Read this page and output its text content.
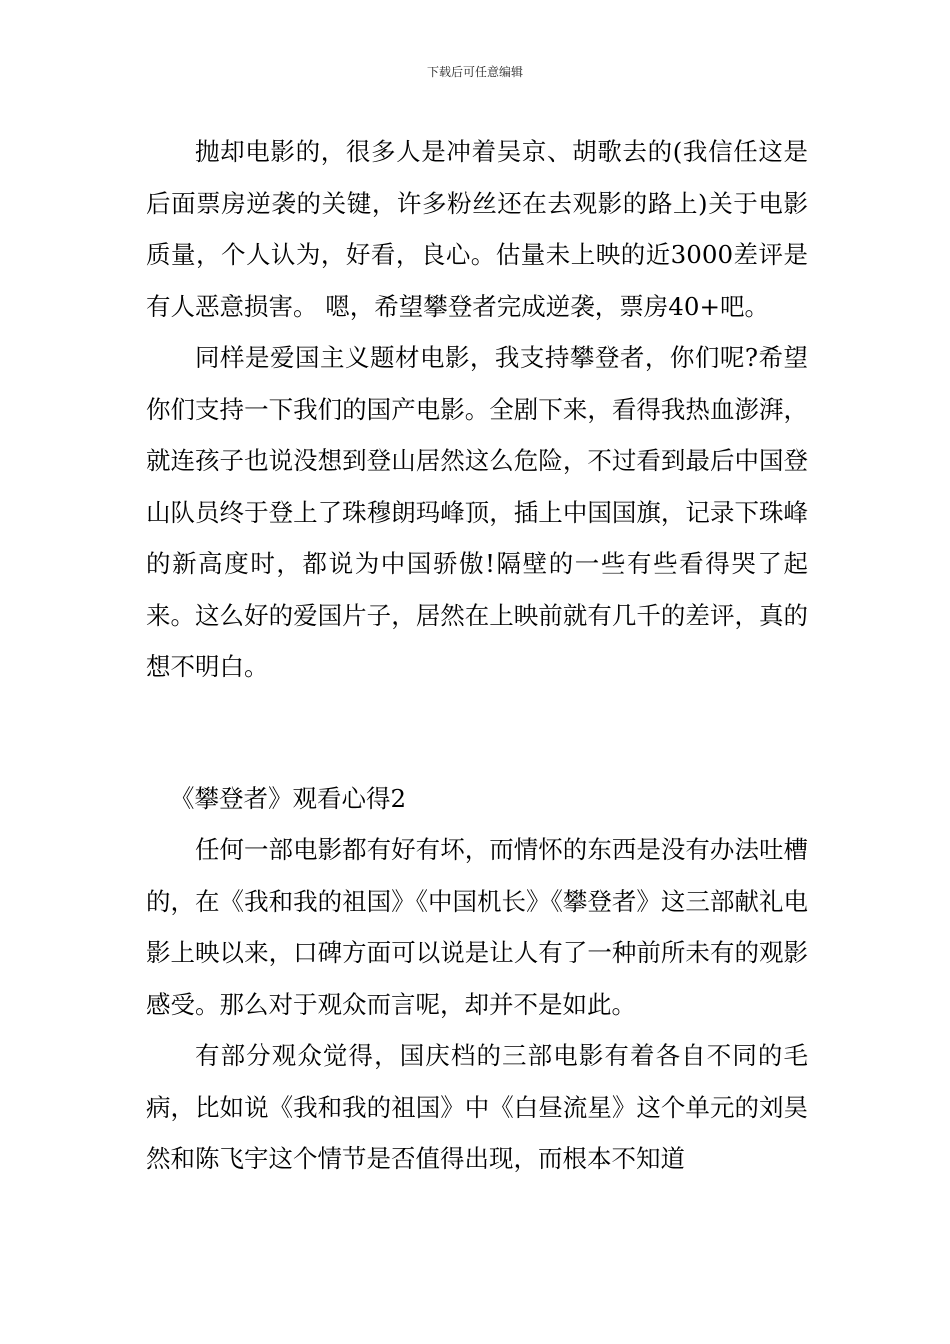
下载后可任意编辑

抛却电影的，很多人是冲着吴京、胡歌去的(我信任这是后面票房逆袭的关键，许多粉丝还在去观影的路上)关于电影质量，个人认为，好看，良心。估量未上映的近3000差评是有人恶意损害。 嗯，希望攀登者完成逆袭，票房40+吧。

同样是爱国主义题材电影，我支持攀登者，你们呢?希望你们支持一下我们的国产电影。全剧下来，看得我热血澎湃，就连孩子也说没想到登山居然这么危险，不过看到最后中国登山队员终于登上了珠穆朗玛峰顶，插上中国国旗，记录下珠峰的新高度时，都说为中国骄傲!隔壁的一些有些看得哭了起来。这么好的爱国片子，居然在上映前就有几千的差评，真的想不明白。

《攀登者》观看心得2

任何一部电影都有好有坏，而情怀的东西是没有办法吐槽的，在《我和我的祖国》《中国机长》《攀登者》这三部献礼电影上映以来，口碑方面可以说是让人有了一种前所未有的观影感受。那么对于观众而言呢，却并不是如此。

有部分观众觉得，国庆档的三部电影有着各自不同的毛病，比如说《我和我的祖国》中《白昼流星》这个单元的刘昊然和陈飞宇这个情节是否值得出现，而根本不知道
